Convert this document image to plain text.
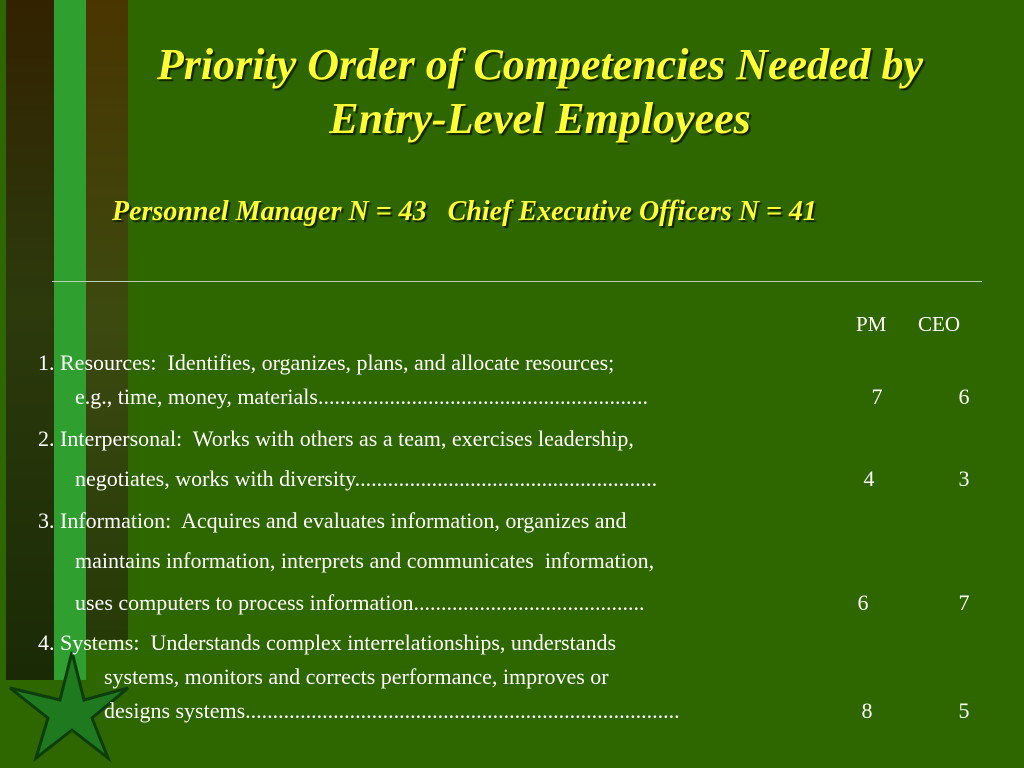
Priority Order of Competencies Needed by
Entry-Level Employees
Personnel Manager N = 43   Chief Executive Officers N = 41
PM CEO
1. Resources:  Identifies, organizes, plans, and allocate resources;
e.g., time, money, materials............................................................	7	6
2. Interpersonal:  Works with others as a team, exercises leadership,
negotiates, works with diversity.......................................................	4	3
3. Information:  Acquires and evaluates information, organizes and
maintains information, interprets and communicates  information,
uses computers to process information..........................................	6	7
4. Systems:  Understands complex interrelationships, understands
systems, monitors and corrects performance, improves or
designs systems...............................................................................	8	5
